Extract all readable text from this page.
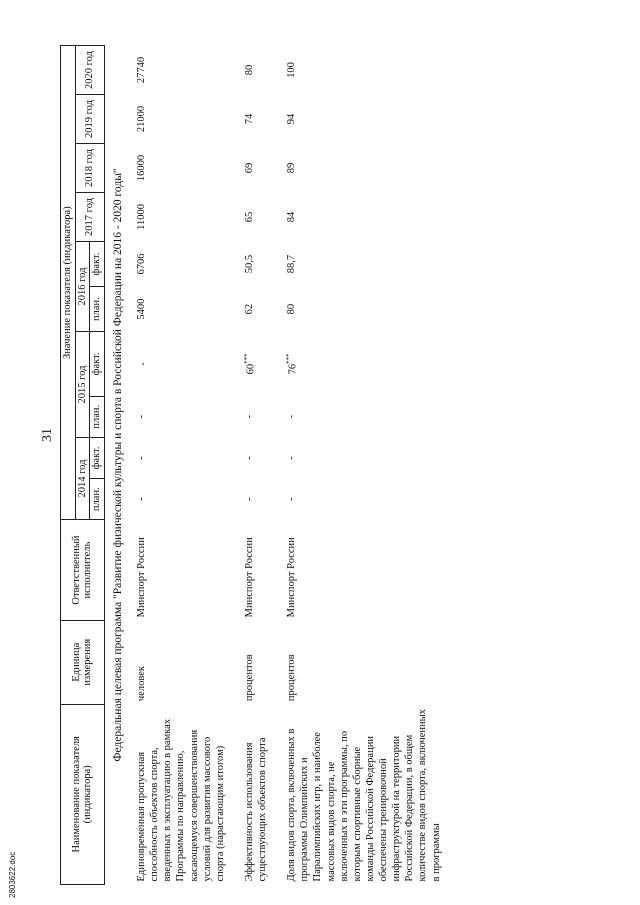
31
2803622.doc
Наименование показателя (индикатора)	Единица измерения	Ответственный исполнитель	Значение показателя (индикатора)									
			2014 год		2015 год		2016 год		2017 год	2018 год	2019 год	2020 год
			план.	факт.	план.	факт.	план.	факт.				
Федеральная целевая программа "Развитие физической культуры и спорта в Российской Федерации на 2016 - 2020 годы"												
Единовременная пропускная способность объектов спорта, введенных в эксплуатацию в рамках Программы по направлению, касающемуся совершенствования условий для развития массового спорта (нарастающим итогом)	человек	Минспорт России	-	-	-	-	5400	6706	11000	16000	21000	27740
Эффективность использования существующих объектов спорта	процентов	Минспорт России	-	-	-	60***	62	50,5	65	69	74	80
Доля видов спорта, включенных в программы Олимпийских и Паралимпийских игр, и наиболее массовых видов спорта, не включенных в эти программы, по которым спортивные сборные команды Российской Федерации обеспечены тренировочной инфраструктурой на территории Российской Федерации, в общем количестве видов спорта, включенных в программы	процентов	Минспорт России	-	-	-	76***	80	88,7	84	89	94	100
